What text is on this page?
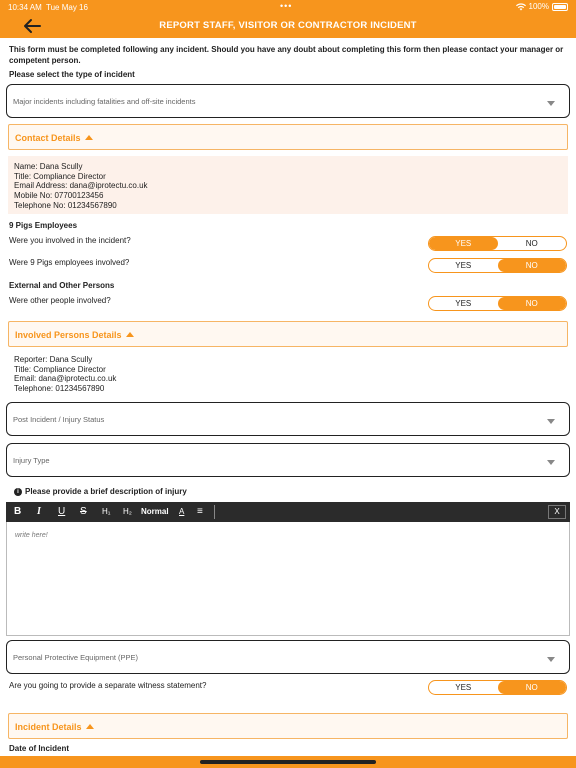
10:34 AM Tue May 16	•••	100%
REPORT STAFF, VISITOR OR CONTRACTOR INCIDENT
This form must be completed following any incident. Should you have any doubt about completing this form then please contact your manager or competent person.
Please select the type of incident
Major incidents including fatalities and off-site incidents
Contact Details
Name: Dana Scully
Title: Compliance Director
Email Address: dana@iprotectu.co.uk
Mobile No: 07700123456
Telephone No: 01234567890
9 Pigs Employees
Were you involved in the incident?	YES	NO
Were 9 Pigs employees involved?	YES	NO
External and Other Persons
Were other people involved?	YES	NO
Involved Persons Details
Reporter: Dana Scully
Title: Compliance Director
Email: dana@iprotectu.co.uk
Telephone: 01234567890
Post Incident / Injury Status
Injury Type
i Please provide a brief description of injury
B I U S H₁ H₂ Normal A ≡	X
write here!
Personal Protective Equipment (PPE)
Are you going to provide a separate witness statement?	YES	NO
Incident Details
Date of Incident
